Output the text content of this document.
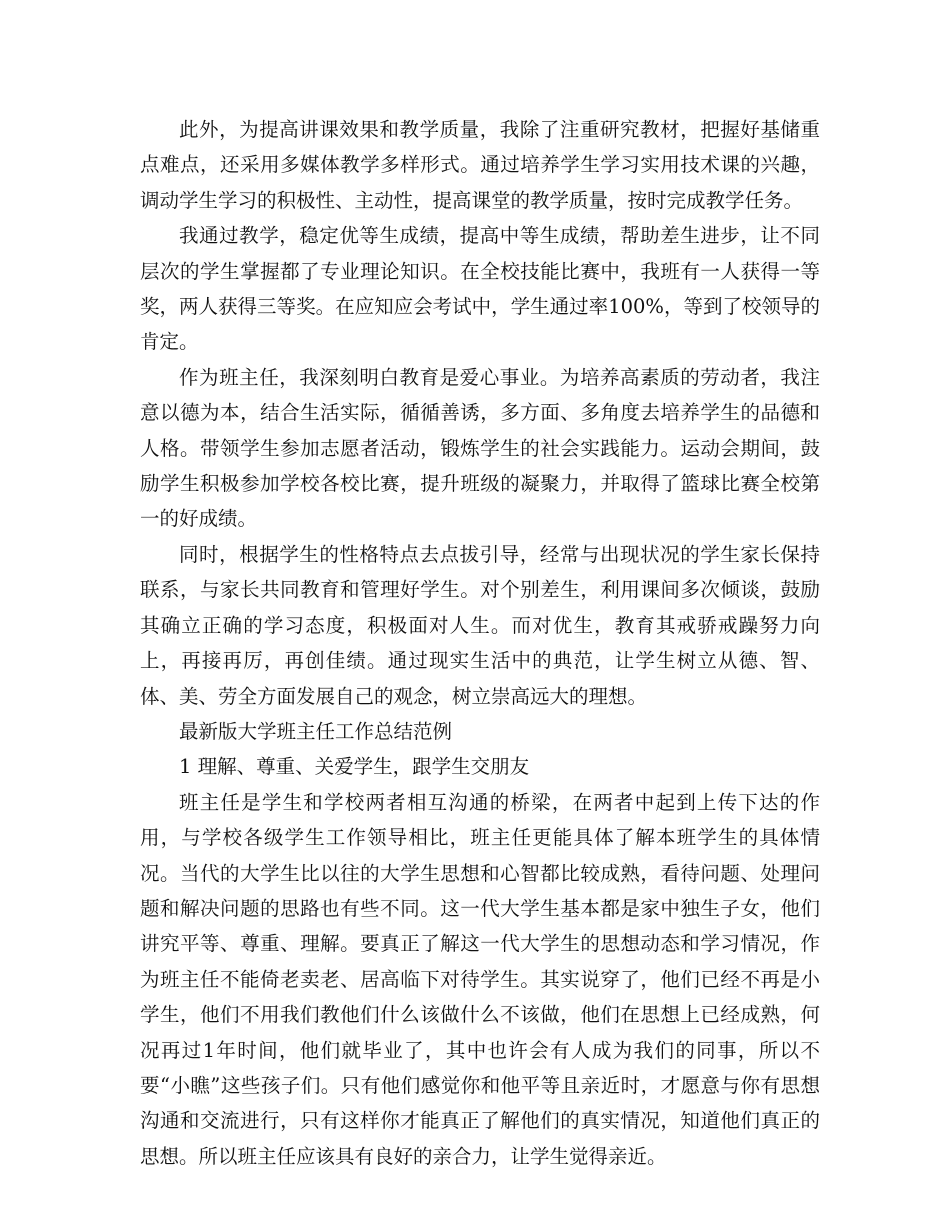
此外，为提高讲课效果和教学质量，我除了注重研究教材，把握好基储重点难点，还采用多媒体教学多样形式。通过培养学生学习实用技术课的兴趣，调动学生学习的积极性、主动性，提高课堂的教学质量，按时完成教学任务。

我通过教学，稳定优等生成绩，提高中等生成绩，帮助差生进步，让不同层次的学生掌握都了专业理论知识。在全校技能比赛中，我班有一人获得一等奖，两人获得三等奖。在应知应会考试中，学生通过率100%，等到了校领导的肯定。

作为班主任，我深刻明白教育是爱心事业。为培养高素质的劳动者，我注意以德为本，结合生活实际，循循善诱，多方面、多角度去培养学生的品德和人格。带领学生参加志愿者活动，锻炼学生的社会实践能力。运动会期间，鼓励学生积极参加学校各校比赛，提升班级的凝聚力，并取得了篮球比赛全校第一的好成绩。

同时，根据学生的性格特点去点拔引导，经常与出现状况的学生家长保持联系，与家长共同教育和管理好学生。对个别差生，利用课间多次倾谈，鼓励其确立正确的学习态度，积极面对人生。而对优生，教育其戒骄戒躁努力向上，再接再厉，再创佳绩。通过现实生活中的典范，让学生树立从德、智、体、美、劳全方面发展自己的观念，树立崇高远大的理想。

最新版大学班主任工作总结范例

1 理解、尊重、关爱学生，跟学生交朋友

班主任是学生和学校两者相互沟通的桥梁，在两者中起到上传下达的作用，与学校各级学生工作领导相比，班主任更能具体了解本班学生的具体情况。当代的大学生比以往的大学生思想和心智都比较成熟，看待问题、处理问题和解决问题的思路也有些不同。这一代大学生基本都是家中独生子女，他们讲究平等、尊重、理解。要真正了解这一代大学生的思想动态和学习情况，作为班主任不能倚老卖老、居高临下对待学生。其实说穿了，他们已经不再是小学生，他们不用我们教他们什么该做什么不该做，他们在思想上已经成熟，何况再过1年时间，他们就毕业了，其中也许会有人成为我们的同事，所以不要“小瞧”这些孩子们。只有他们感觉你和他平等且亲近时，才愿意与你有思想沟通和交流进行，只有这样你才能真正了解他们的真实情况，知道他们真正的思想。所以班主任应该具有良好的亲合力，让学生觉得亲近。
